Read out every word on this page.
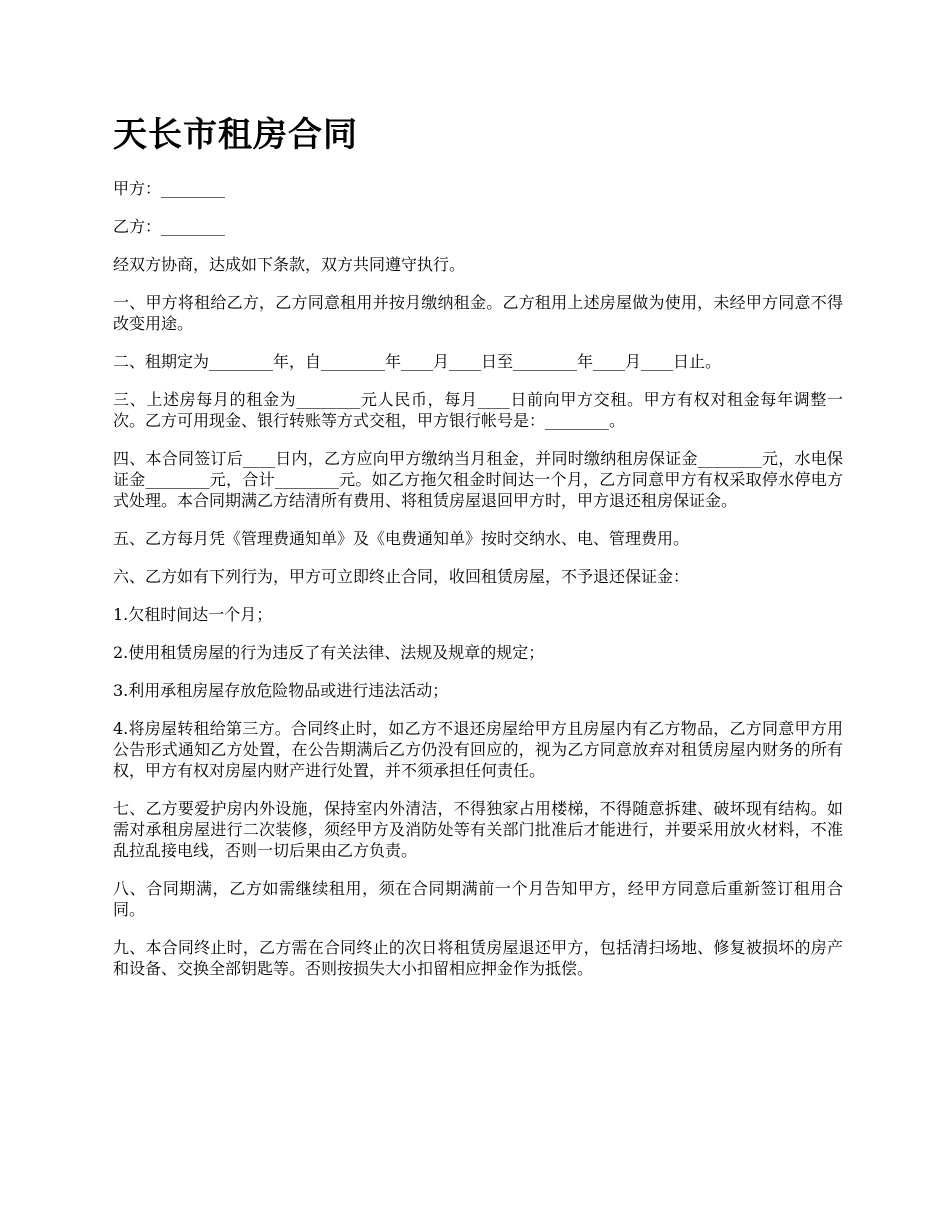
天长市租房合同

甲方：________

乙方：________

经双方协商，达成如下条款，双方共同遵守执行。

一、甲方将租给乙方，乙方同意租用并按月缴纳租金。乙方租用上述房屋做为使用，未经甲方同意不得改变用途。

二、租期定为________年，自________年____月____日至________年____月____日止。

三、上述房每月的租金为________元人民币，每月____日前向甲方交租。甲方有权对租金每年调整一次。乙方可用现金、银行转账等方式交租，甲方银行帐号是：________。

四、本合同签订后____日内，乙方应向甲方缴纳当月租金，并同时缴纳租房保证金________元，水电保证金________元，合计________元。如乙方拖欠租金时间达一个月，乙方同意甲方有权采取停水停电方式处理。本合同期满乙方结清所有费用、将租赁房屋退回甲方时，甲方退还租房保证金。

五、乙方每月凭《管理费通知单》及《电费通知单》按时交纳水、电、管理费用。

六、乙方如有下列行为，甲方可立即终止合同，收回租赁房屋，不予退还保证金：

1.欠租时间达一个月；

2.使用租赁房屋的行为违反了有关法律、法规及规章的规定；

3.利用承租房屋存放危险物品或进行违法活动；

4.将房屋转租给第三方。合同终止时，如乙方不退还房屋给甲方且房屋内有乙方物品，乙方同意甲方用公告形式通知乙方处置，在公告期满后乙方仍没有回应的，视为乙方同意放弃对租赁房屋内财务的所有权，甲方有权对房屋内财产进行处置，并不须承担任何责任。

七、乙方要爱护房内外设施，保持室内外清洁，不得独家占用楼梯，不得随意拆建、破坏现有结构。如需对承租房屋进行二次装修，须经甲方及消防处等有关部门批准后才能进行，并要采用放火材料，不准乱拉乱接电线，否则一切后果由乙方负责。

八、合同期满，乙方如需继续租用，须在合同期满前一个月告知甲方，经甲方同意后重新签订租用合同。

九、本合同终止时，乙方需在合同终止的次日将租赁房屋退还甲方，包括清扫场地、修复被损坏的房产和设备、交换全部钥匙等。否则按损失大小扣留相应押金作为抵偿。
